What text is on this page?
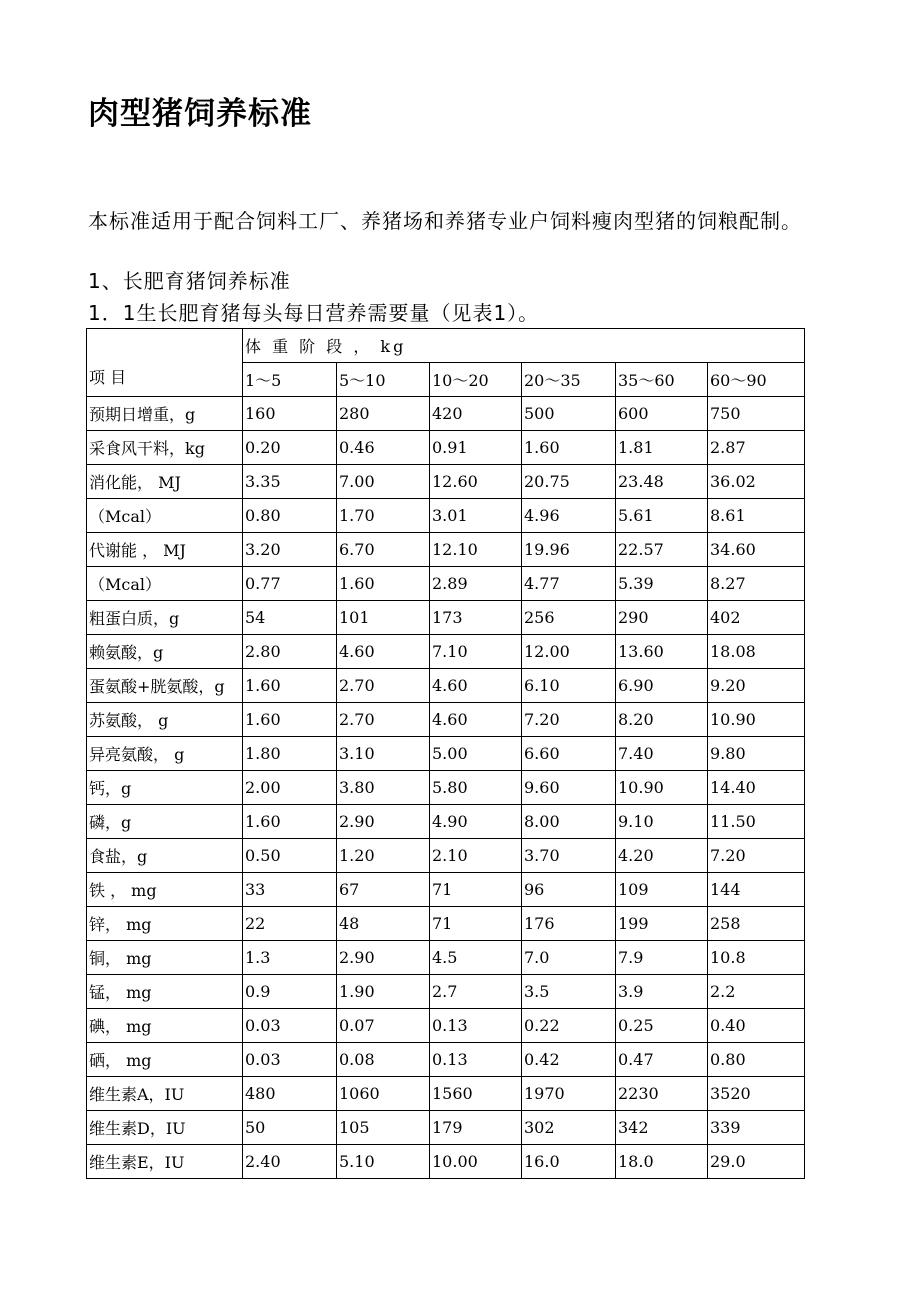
肉型猪饲养标准
本标准适用于配合饲料工厂、养猪场和养猪专业户饲料瘦肉型猪的饲粮配制。
1、长肥育猪饲养标准
1．1生长肥育猪每头每日营养需要量（见表1）。
项 目	体 重 阶 段 ， kg					
	1～5	5～10	10～20	20～35	35～60	60～90
预期日增重，g	160	280	420	500	600	750
采食风干料，kg	0.20	0.46	0.91	1.60	1.81	2.87
消化能， MJ	3.35	7.00	12.60	20.75	23.48	36.02
（Mcal）	0.80	1.70	3.01	4.96	5.61	8.61
代谢能 ， MJ	3.20	6.70	12.10	19.96	22.57	34.60
（Mcal）	0.77	1.60	2.89	4.77	5.39	8.27
粗蛋白质，g	54	101	173	256	290	402
赖氨酸，g	2.80	4.60	7.10	12.00	13.60	18.08
蛋氨酸+胱氨酸，g	1.60	2.70	4.60	6.10	6.90	9.20
苏氨酸， g	1.60	2.70	4.60	7.20	8.20	10.90
异亮氨酸， g	1.80	3.10	5.00	6.60	7.40	9.80
钙，g	2.00	3.80	5.80	9.60	10.90	14.40
磷，g	1.60	2.90	4.90	8.00	9.10	11.50
食盐，g	0.50	1.20	2.10	3.70	4.20	7.20
铁 ， mg	33	67	71	96	109	144
锌， mg	22	48	71	176	199	258
铜， mg	1.3	2.90	4.5	7.0	7.9	10.8
锰， mg	0.9	1.90	2.7	3.5	3.9	2.2
碘， mg	0.03	0.07	0.13	0.22	0.25	0.40
硒， mg	0.03	0.08	0.13	0.42	0.47	0.80
维生素A，IU	480	1060	1560	1970	2230	3520
维生素D，IU	50	105	179	302	342	339
维生素E，IU	2.40	5.10	10.00	16.0	18.0	29.0
